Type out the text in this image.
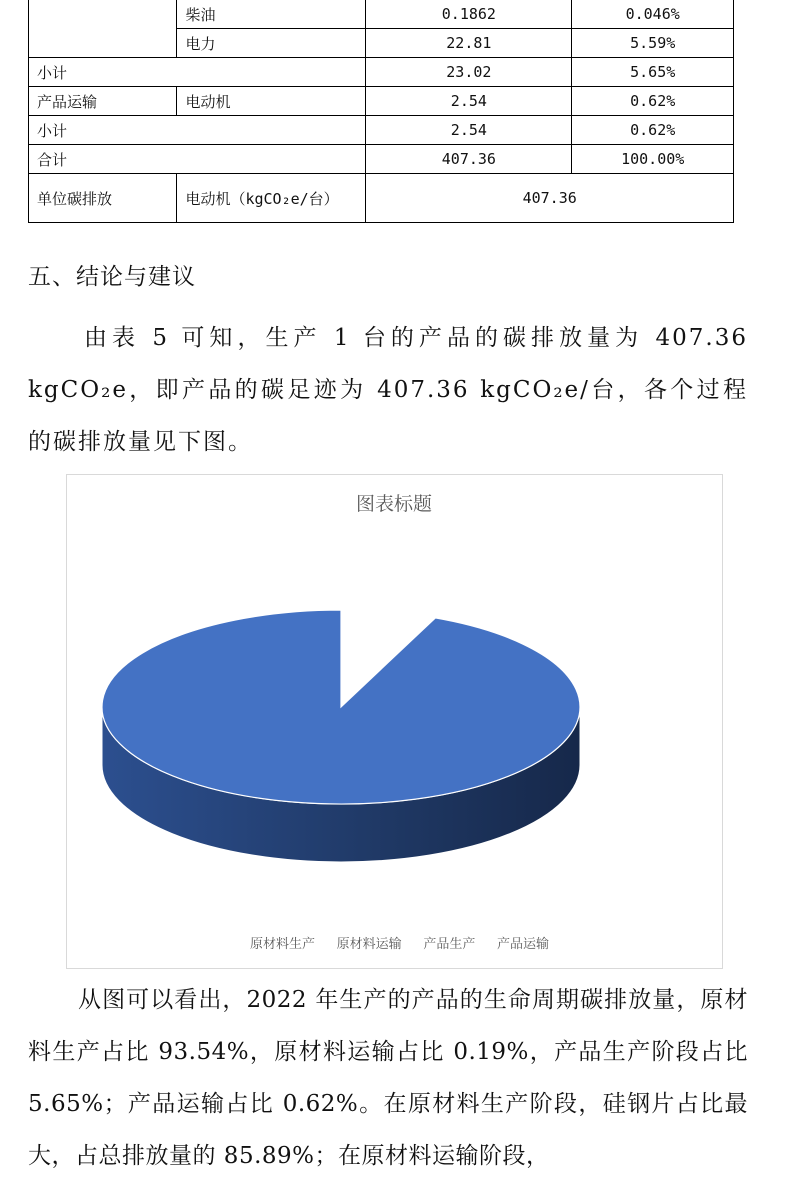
	柴油	0.1862	0.046%
	电力	22.81	5.59%
小计		23.02	5.65%
产品运输	电动机	2.54	0.62%
小计		2.54	0.62%
合计		407.36	100.00%
单位碳排放	电动机（kgCO₂e/台）	407.36	
五、结论与建议
由表 5 可知，生产 1 台的产品的碳排放量为 407.36 kgCO₂e，即产品的碳足迹为 407.36 kgCO₂e/台，各个过程的碳排放量见下图。
图表标题
原材料生产 原材料运输 产品生产 产品运输
从图可以看出，2022 年生产的产品的生命周期碳排放量，原材料生产占比 93.54%，原材料运输占比 0.19%，产品生产阶段占比 5.65%；产品运输占比 0.62%。在原材料生产阶段，硅钢片占比最大，占总排放量的 85.89%；在原材料运输阶段，
